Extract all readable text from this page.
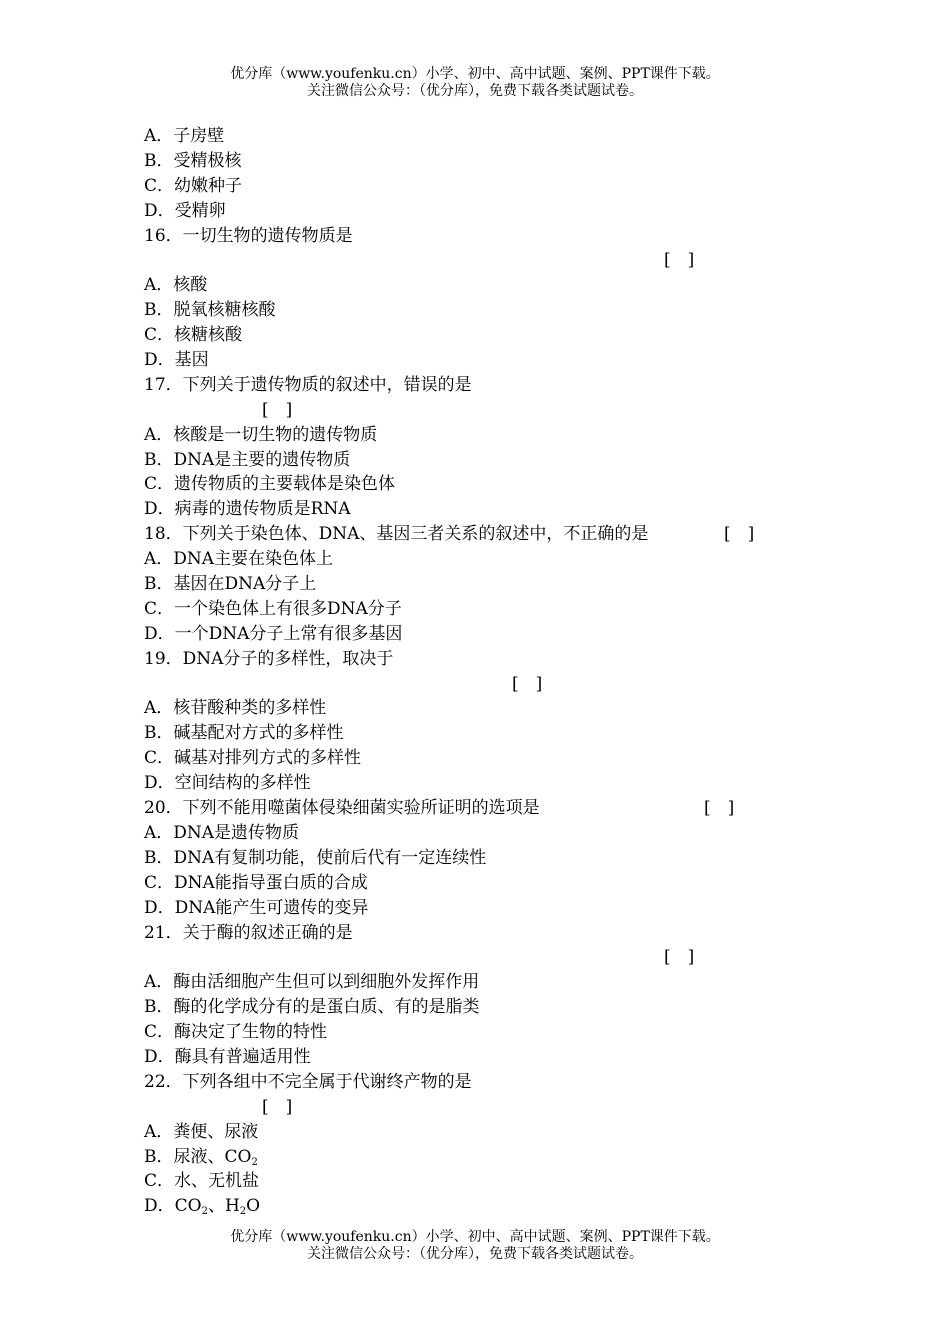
优分库（www.youfenku.cn）小学、初中、高中试题、案例、PPT课件下载。
关注微信公众号：（优分库），免费下载各类试题试卷。
A．子房壁
B．受精极核
C．幼嫩种子
D．受精卵
16．一切生物的遗传物质是
[　]
A．核酸
B．脱氧核糖核酸
C．核糖核酸
D．基因
17．下列关于遗传物质的叙述中，错误的是
[　]
A．核酸是一切生物的遗传物质
B．DNA是主要的遗传物质
C．遗传物质的主要载体是染色体
D．病毒的遗传物质是RNA
18．下列关于染色体、DNA、基因三者关系的叙述中，不正确的是	[　]
A．DNA主要在染色体上
B．基因在DNA分子上
C．一个染色体上有很多DNA分子
D．一个DNA分子上常有很多基因
19．DNA分子的多样性，取决于
[　]
A．核苷酸种类的多样性
B．碱基配对方式的多样性
C．碱基对排列方式的多样性
D．空间结构的多样性
20．下列不能用噬菌体侵染细菌实验所证明的选项是	[　]
A．DNA是遗传物质
B．DNA有复制功能，使前后代有一定连续性
C．DNA能指导蛋白质的合成
D．DNA能产生可遗传的变异
21．关于酶的叙述正确的是
[　]
A．酶由活细胞产生但可以到细胞外发挥作用
B．酶的化学成分有的是蛋白质、有的是脂类
C．酶决定了生物的特性
D．酶具有普遍适用性
22．下列各组中不完全属于代谢终产物的是
[　]
A．粪便、尿液
B．尿液、$CO_2$
C．水、无机盐
D．$CO_2$、$H_2O$
优分库（www.youfenku.cn）小学、初中、高中试题、案例、PPT课件下载。
关注微信公众号：（优分库），免费下载各类试题试卷。
